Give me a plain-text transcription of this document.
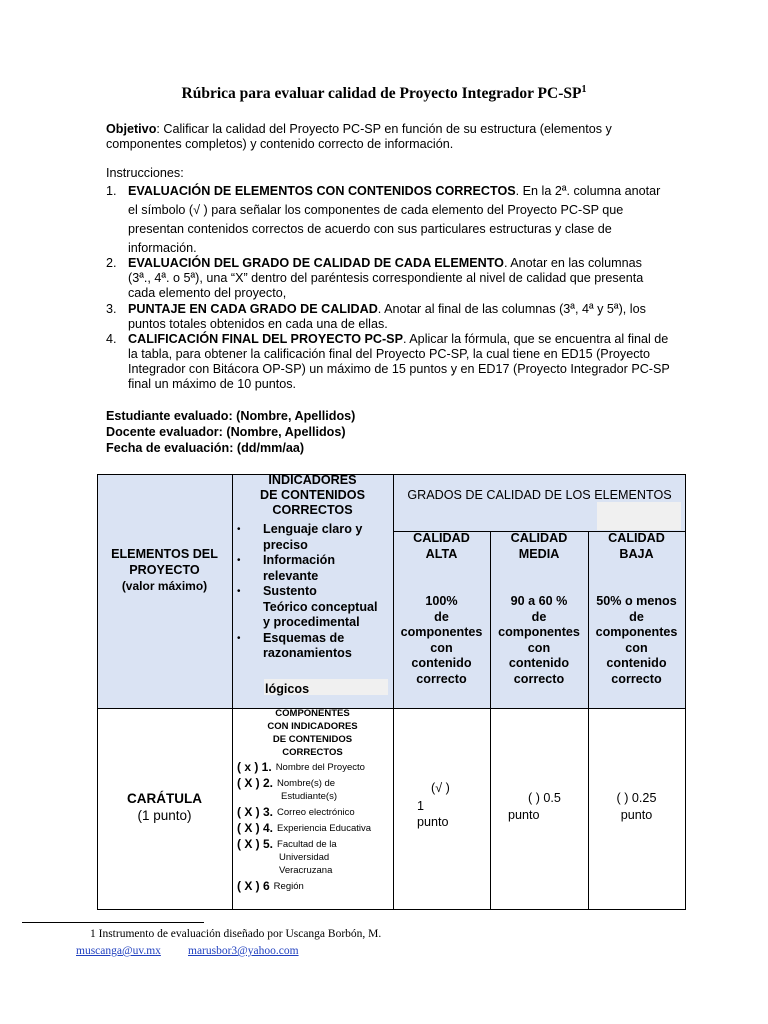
Rúbrica para evaluar calidad de Proyecto Integrador $PC-SP^1$
Objetivo: Calificar la calidad del Proyecto PC-SP en función de su estructura (elementos y
componentes completos) y contenido correcto de información.
Instrucciones:
1. EVALUACIÓN DE ELEMENTOS CON CONTENIDOS CORRECTOS. En la 2ª. columna anotar
el símbolo (√ ) para señalar los componentes de cada elemento del Proyecto PC-SP que
presentan contenidos correctos de acuerdo con sus particulares estructuras y clase de
información.
2. EVALUACIÓN DEL GRADO DE CALIDAD DE CADA ELEMENTO. Anotar en las columnas
(3ª., 4ª. o 5ª), una “X” dentro del paréntesis correspondiente al nivel de calidad que presenta
cada elemento del proyecto,
3. PUNTAJE EN CADA GRADO DE CALIDAD. Anotar al final de las columnas (3ª, 4ª y 5ª), los
puntos totales obtenidos en cada una de ellas.
4. CALIFICACIÓN FINAL DEL PROYECTO PC-SP. Aplicar la fórmula, que se encuentra al final de
la tabla, para obtener la calificación final del Proyecto PC-SP, la cual tiene en ED15 (Proyecto
Integrador con Bitácora OP-SP) un máximo de 15 puntos y en ED17 (Proyecto Integrador PC-SP
final un máximo de 10 puntos.
Estudiante evaluado: (Nombre, Apellidos)
Docente evaluador: (Nombre, Apellidos)
Fecha de evaluación: (dd/mm/aa)
ELEMENTOS DEL
PROYECTO
(valor máximo)
INDICADORES
DE CONTENIDOS
CORRECTOS
• Lenguaje claro y
preciso
• Información
relevante
• Sustento
Teórico conceptual
y procedimental
• Esquemas de
razonamientos
lógicos
GRADOS DE CALIDAD DE LOS ELEMENTOS
CALIDAD
ALTA
100%
de
componentes
con
contenido
correcto
CALIDAD
MEDIA
90 a 60 %
de
componentes
con
contenido
correcto
CALIDAD
BAJA
50% o menos
de
componentes
con
contenido
correcto
CARÁTULA
(1 punto)
COMPONENTES
CON INDICADORES
DE CONTENIDOS
CORRECTOS
( x ) 1. Nombre del Proyecto
( X ) 2. Nombre(s) de
Estudiante(s)
( X ) 3. Correo electrónico
( X ) 4. Experiencia Educativa
( X ) 5. Facultad de la
Universidad
Veracruzana
( X ) 6 Región
(√ )
1
punto
( ) 0.5
punto
( ) 0.25
punto
1 Instrumento de evaluación diseñado por Uscanga Borbón, M.
muscanga@uv.mx marusbor3@yahoo.com
